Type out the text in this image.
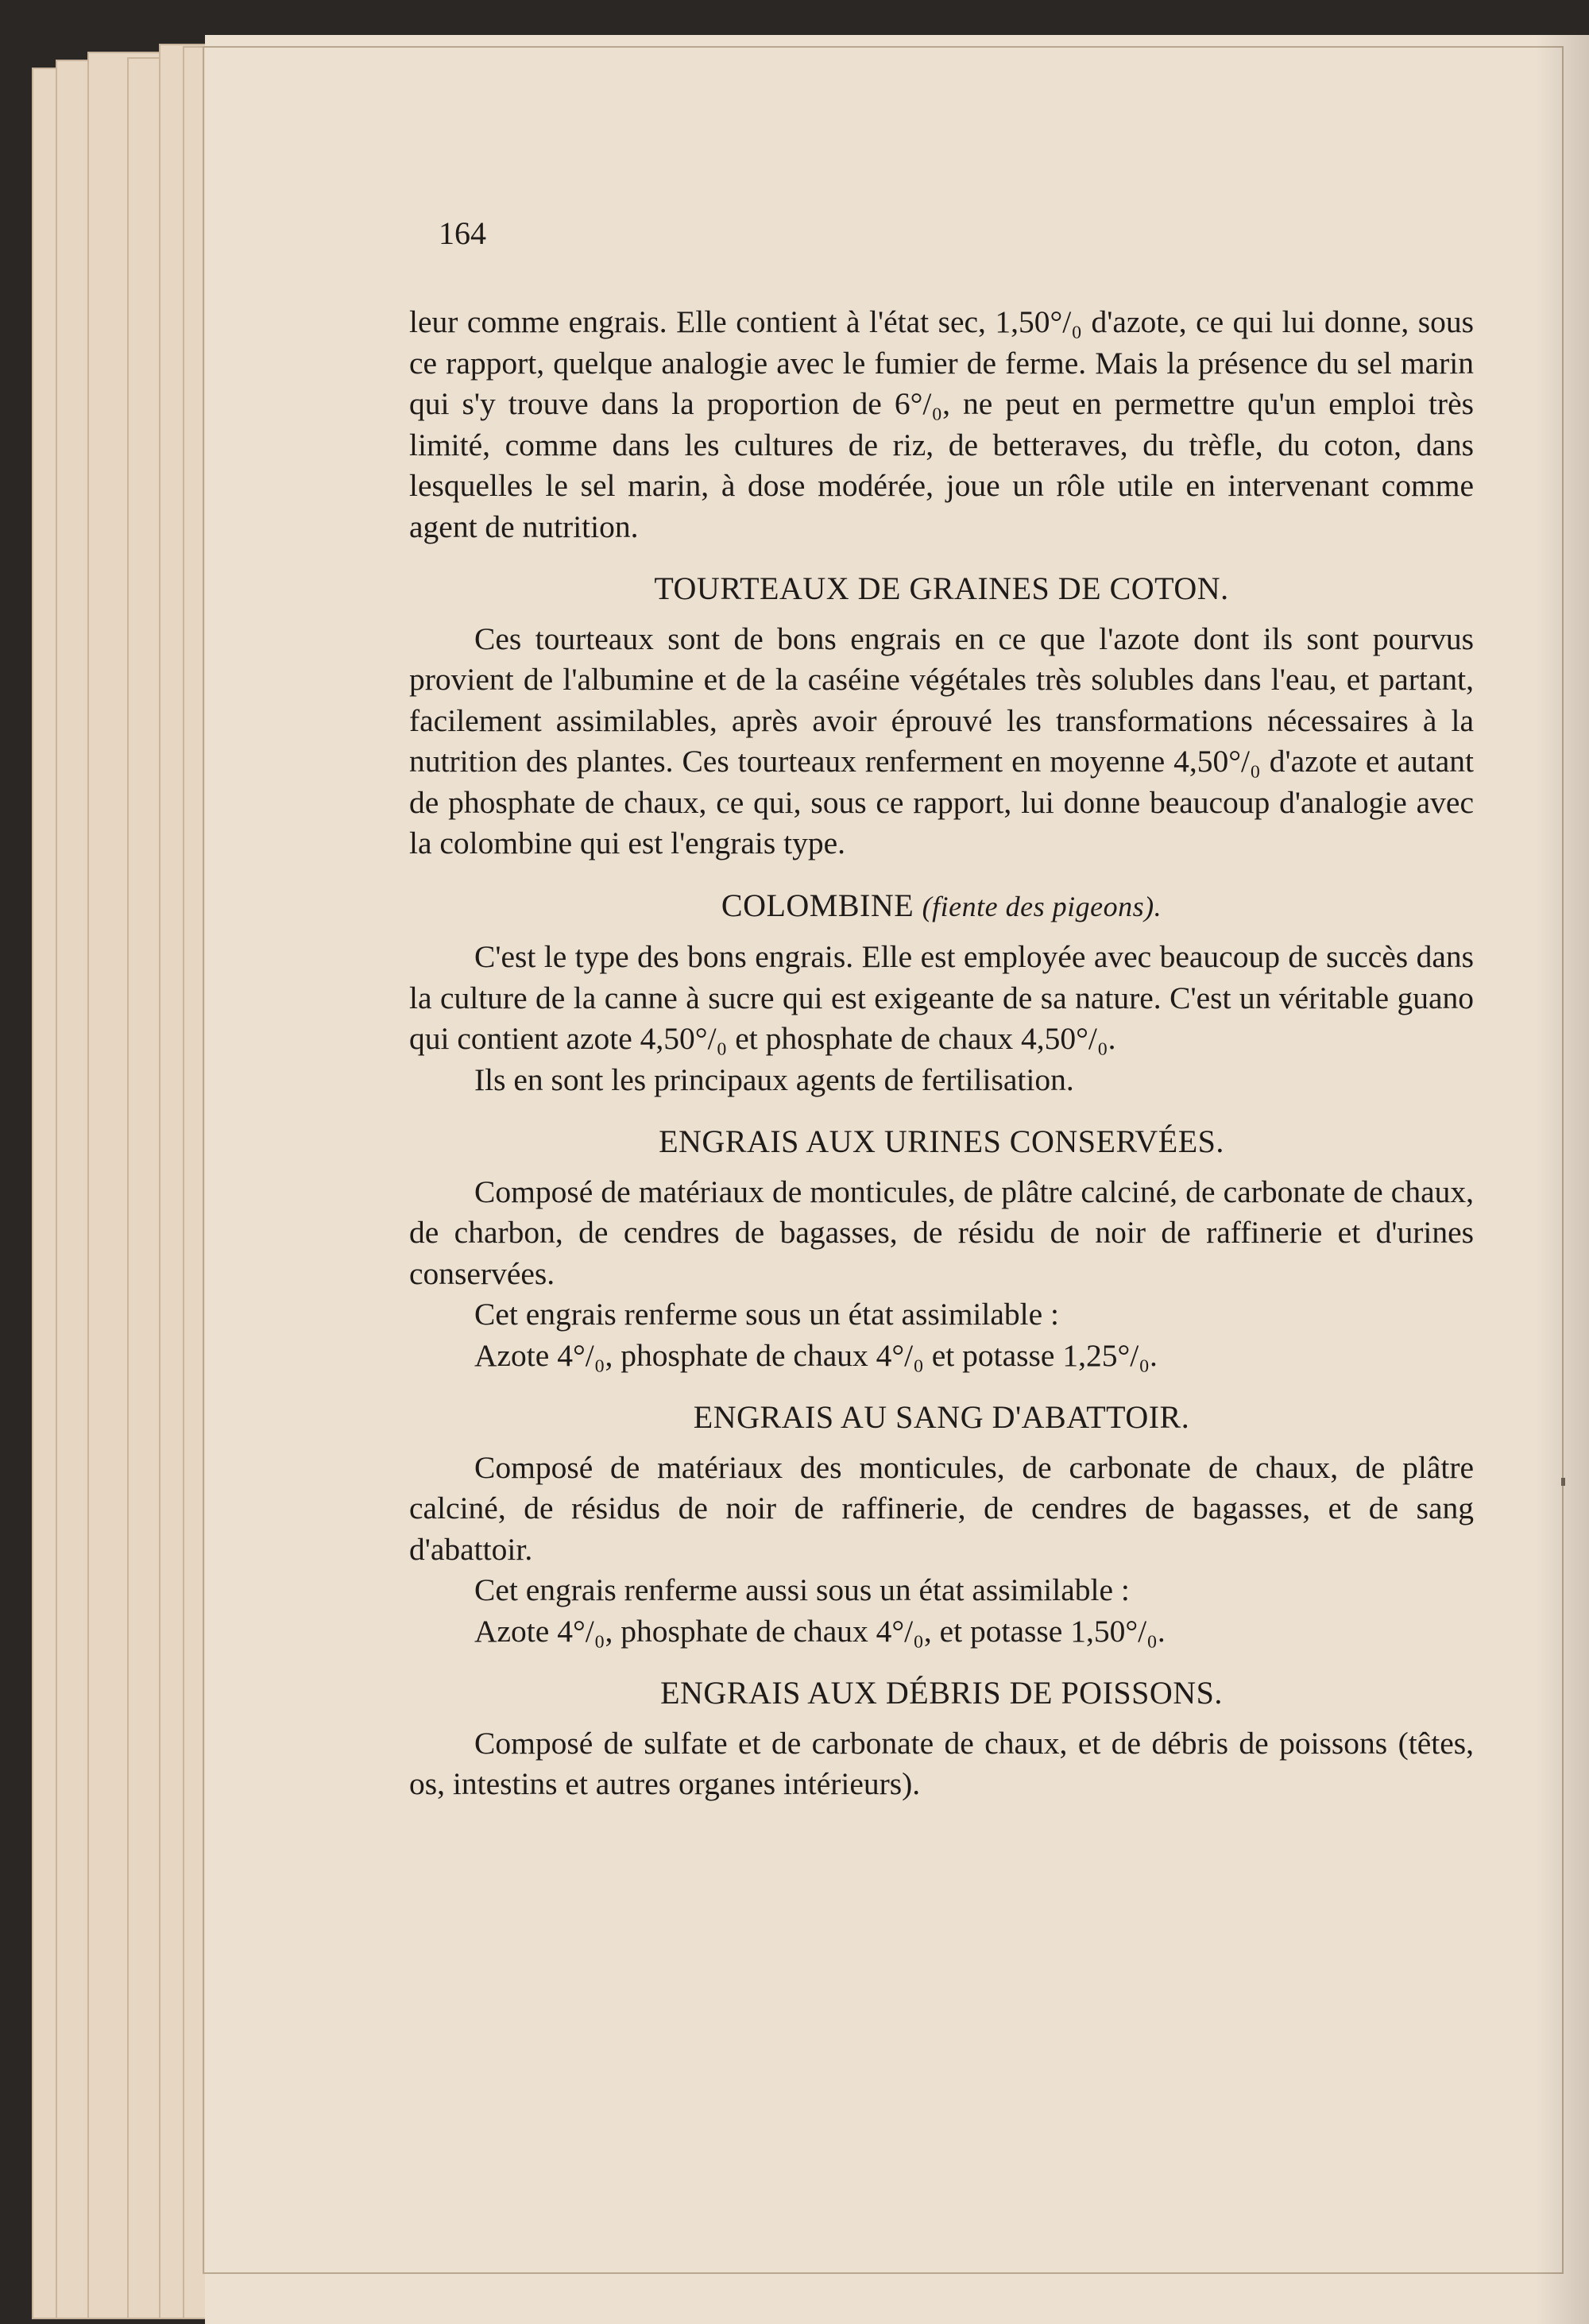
164

leur comme engrais. Elle contient à l'état sec, 1,50°/₀ d'azote, ce qui lui donne, sous ce rapport, quelque analogie avec le fumier de ferme. Mais la présence du sel marin qui s'y trouve dans la proportion de 6°/₀, ne peut en permettre qu'un emploi très limité, comme dans les cultures de riz, de betteraves, du trèfle, du coton, dans lesquelles le sel marin, à dose modérée, joue un rôle utile en intervenant comme agent de nutrition.

TOURTEAUX DE GRAINES DE COTON.

Ces tourteaux sont de bons engrais en ce que l'azote dont ils sont pourvus provient de l'albumine et de la caséine végétales très solubles dans l'eau, et partant, facilement assimilables, après avoir éprouvé les transformations nécessaires à la nutrition des plantes. Ces tourteaux renferment en moyenne 4,50°/₀ d'azote et autant de phosphate de chaux, ce qui, sous ce rapport, lui donne beaucoup d'analogie avec la colombine qui est l'engrais type.

COLOMBINE (fiente des pigeons).

C'est le type des bons engrais. Elle est employée avec beaucoup de succès dans la culture de la canne à sucre qui est exigeante de sa nature. C'est un véritable guano qui contient azote 4,50°/₀ et phosphate de chaux 4,50°/₀.

Ils en sont les principaux agents de fertilisation.

ENGRAIS AUX URINES CONSERVÉES.

Composé de matériaux de monticules, de plâtre calciné, de carbonate de chaux, de charbon, de cendres de bagasses, de résidu de noir de raffinerie et d'urines conservées.

Cet engrais renferme sous un état assimilable :

Azote 4°/₀, phosphate de chaux 4°/₀ et potasse 1,25°/₀.

ENGRAIS AU SANG D'ABATTOIR.

Composé de matériaux des monticules, de carbonate de chaux, de plâtre calciné, de résidus de noir de raffinerie, de cendres de bagasses, et de sang d'abattoir.

Cet engrais renferme aussi sous un état assimilable :

Azote 4°/₀, phosphate de chaux 4°/₀, et potasse 1,50°/₀.

ENGRAIS AUX DÉBRIS DE POISSONS.

Composé de sulfate et de carbonate de chaux, et de débris de poissons (têtes, os, intestins et autres organes intérieurs).
